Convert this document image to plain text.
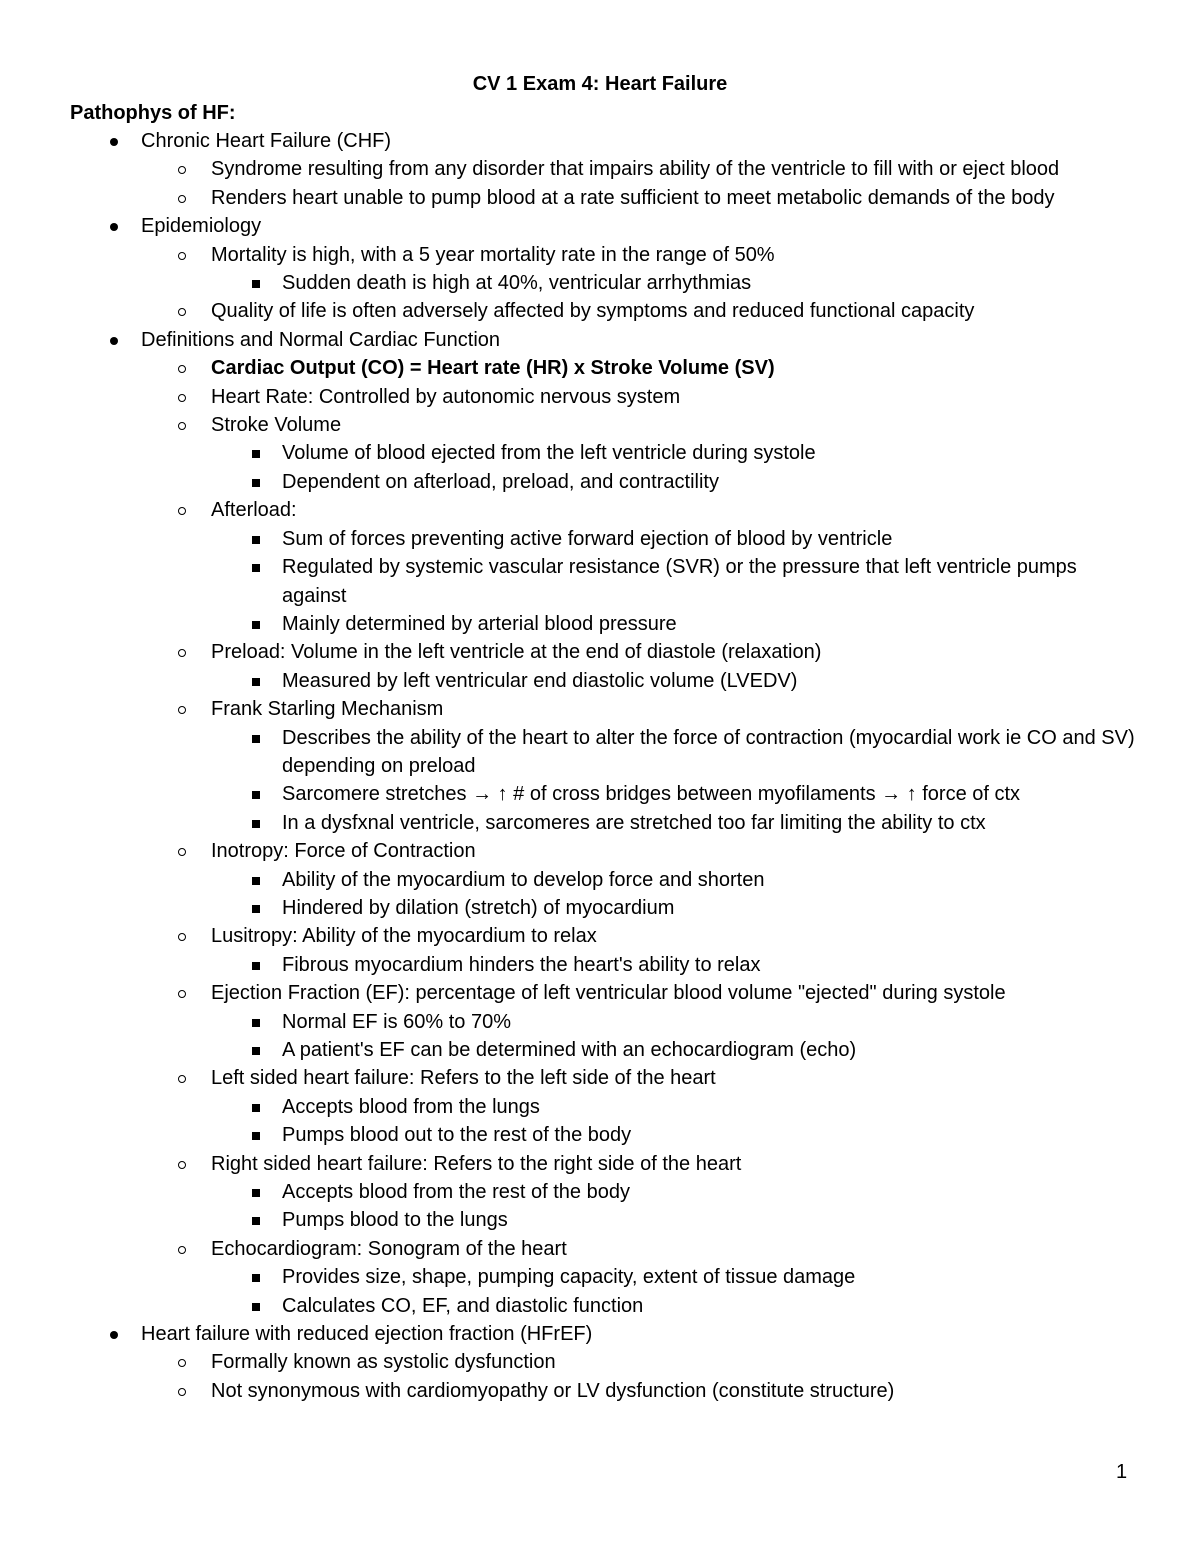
CV 1 Exam 4: Heart Failure
Pathophys of HF:
Chronic Heart Failure (CHF)
Syndrome resulting from any disorder that impairs ability of the ventricle to fill with or eject blood
Renders heart unable to pump blood at a rate sufficient to meet metabolic demands of the body
Epidemiology
Mortality is high, with a 5 year mortality rate in the range of 50%
Sudden death is high at 40%, ventricular arrhythmias
Quality of life is often adversely affected by symptoms and reduced functional capacity
Definitions and Normal Cardiac Function
Cardiac Output (CO) = Heart rate (HR) x Stroke Volume (SV)
Heart Rate: Controlled by autonomic nervous system
Stroke Volume
Volume of blood ejected from the left ventricle during systole
Dependent on afterload, preload, and contractility
Afterload:
Sum of forces preventing active forward ejection of blood by ventricle
Regulated by systemic vascular resistance (SVR) or the pressure that left ventricle pumps against
Mainly determined by arterial blood pressure
Preload: Volume in the left ventricle at the end of diastole (relaxation)
Measured by left ventricular end diastolic volume (LVEDV)
Frank Starling Mechanism
Describes the ability of the heart to alter the force of contraction (myocardial work ie CO and SV) depending on preload
Sarcomere stretches → ↑ # of cross bridges between myofilaments → ↑ force of ctx
In a dysfxnal ventricle, sarcomeres are stretched too far limiting the ability to ctx
Inotropy: Force of Contraction
Ability of the myocardium to develop force and shorten
Hindered by dilation (stretch) of myocardium
Lusitropy: Ability of the myocardium to relax
Fibrous myocardium hinders the heart's ability to relax
Ejection Fraction (EF): percentage of left ventricular blood volume "ejected" during systole
Normal EF is 60% to 70%
A patient's EF can be determined with an echocardiogram (echo)
Left sided heart failure: Refers to the left side of the heart
Accepts blood from the lungs
Pumps blood out to the rest of the body
Right sided heart failure: Refers to the right side of the heart
Accepts blood from the rest of the body
Pumps blood to the lungs
Echocardiogram: Sonogram of the heart
Provides size, shape, pumping capacity, extent of tissue damage
Calculates CO, EF, and diastolic function
Heart failure with reduced ejection fraction (HFrEF)
Formally known as systolic dysfunction
Not synonymous with cardiomyopathy or LV dysfunction (constitute structure)
1
